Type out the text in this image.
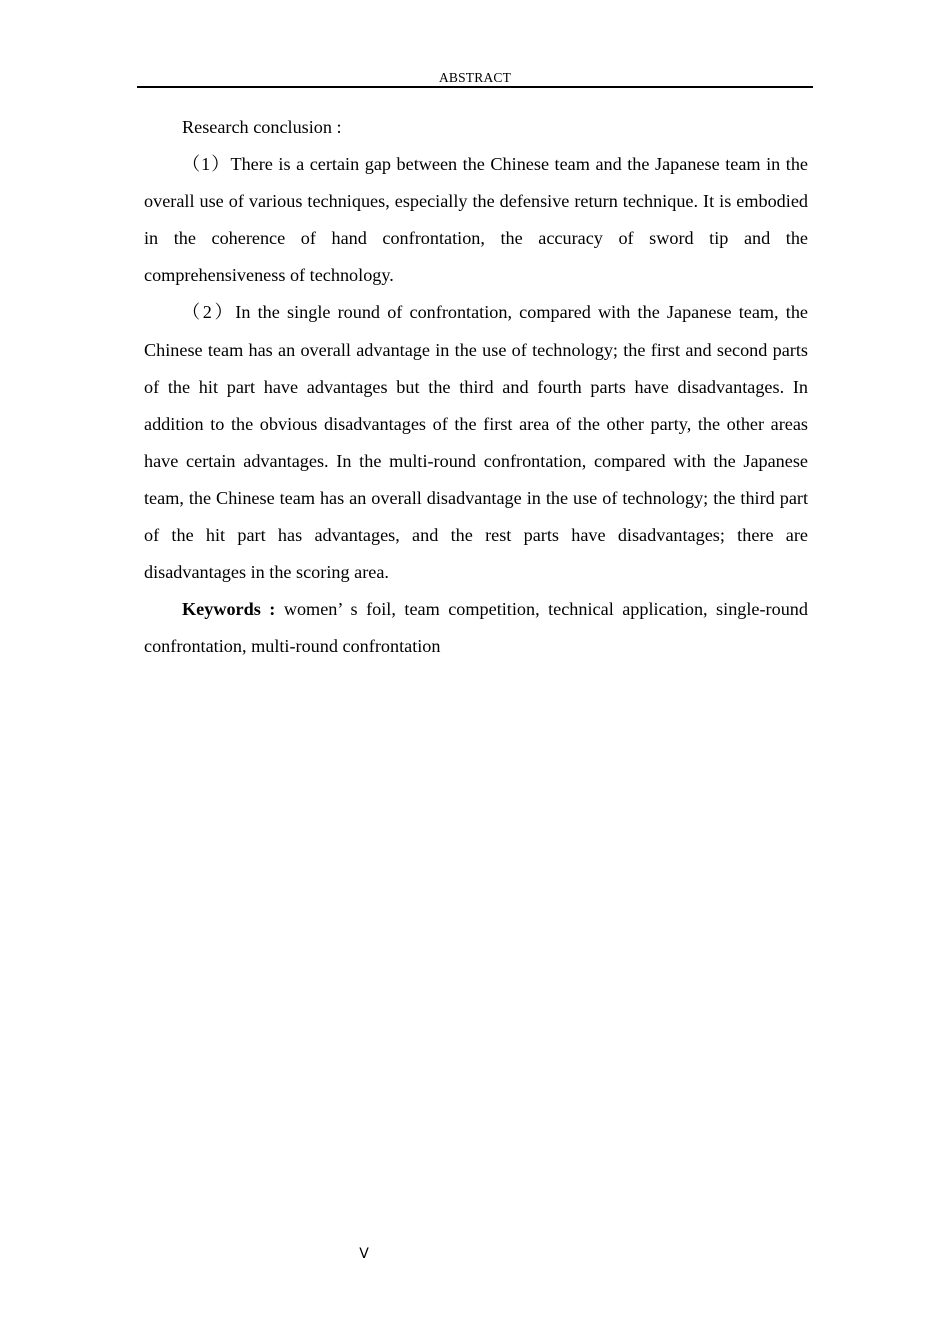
ABSTRACT

Research conclusion :

（1）There is a certain gap between the Chinese team and the Japanese team in the overall use of various techniques, especially the defensive return technique. It is embodied in the coherence of hand confrontation, the accuracy of sword tip and the comprehensiveness of technology.

（2）In the single round of confrontation, compared with the Japanese team, the Chinese team has an overall advantage in the use of technology; the first and second parts of the hit part have advantages but the third and fourth parts have disadvantages. In addition to the obvious disadvantages of the first area of the other party, the other areas have certain advantages. In the multi-round confrontation, compared with the Japanese team, the Chinese team has an overall disadvantage in the use of technology; the third part of the hit part has advantages, and the rest parts have disadvantages; there are disadvantages in the scoring area.

Keywords : women’ s foil, team competition, technical application, single-round confrontation, multi-round confrontation

V
